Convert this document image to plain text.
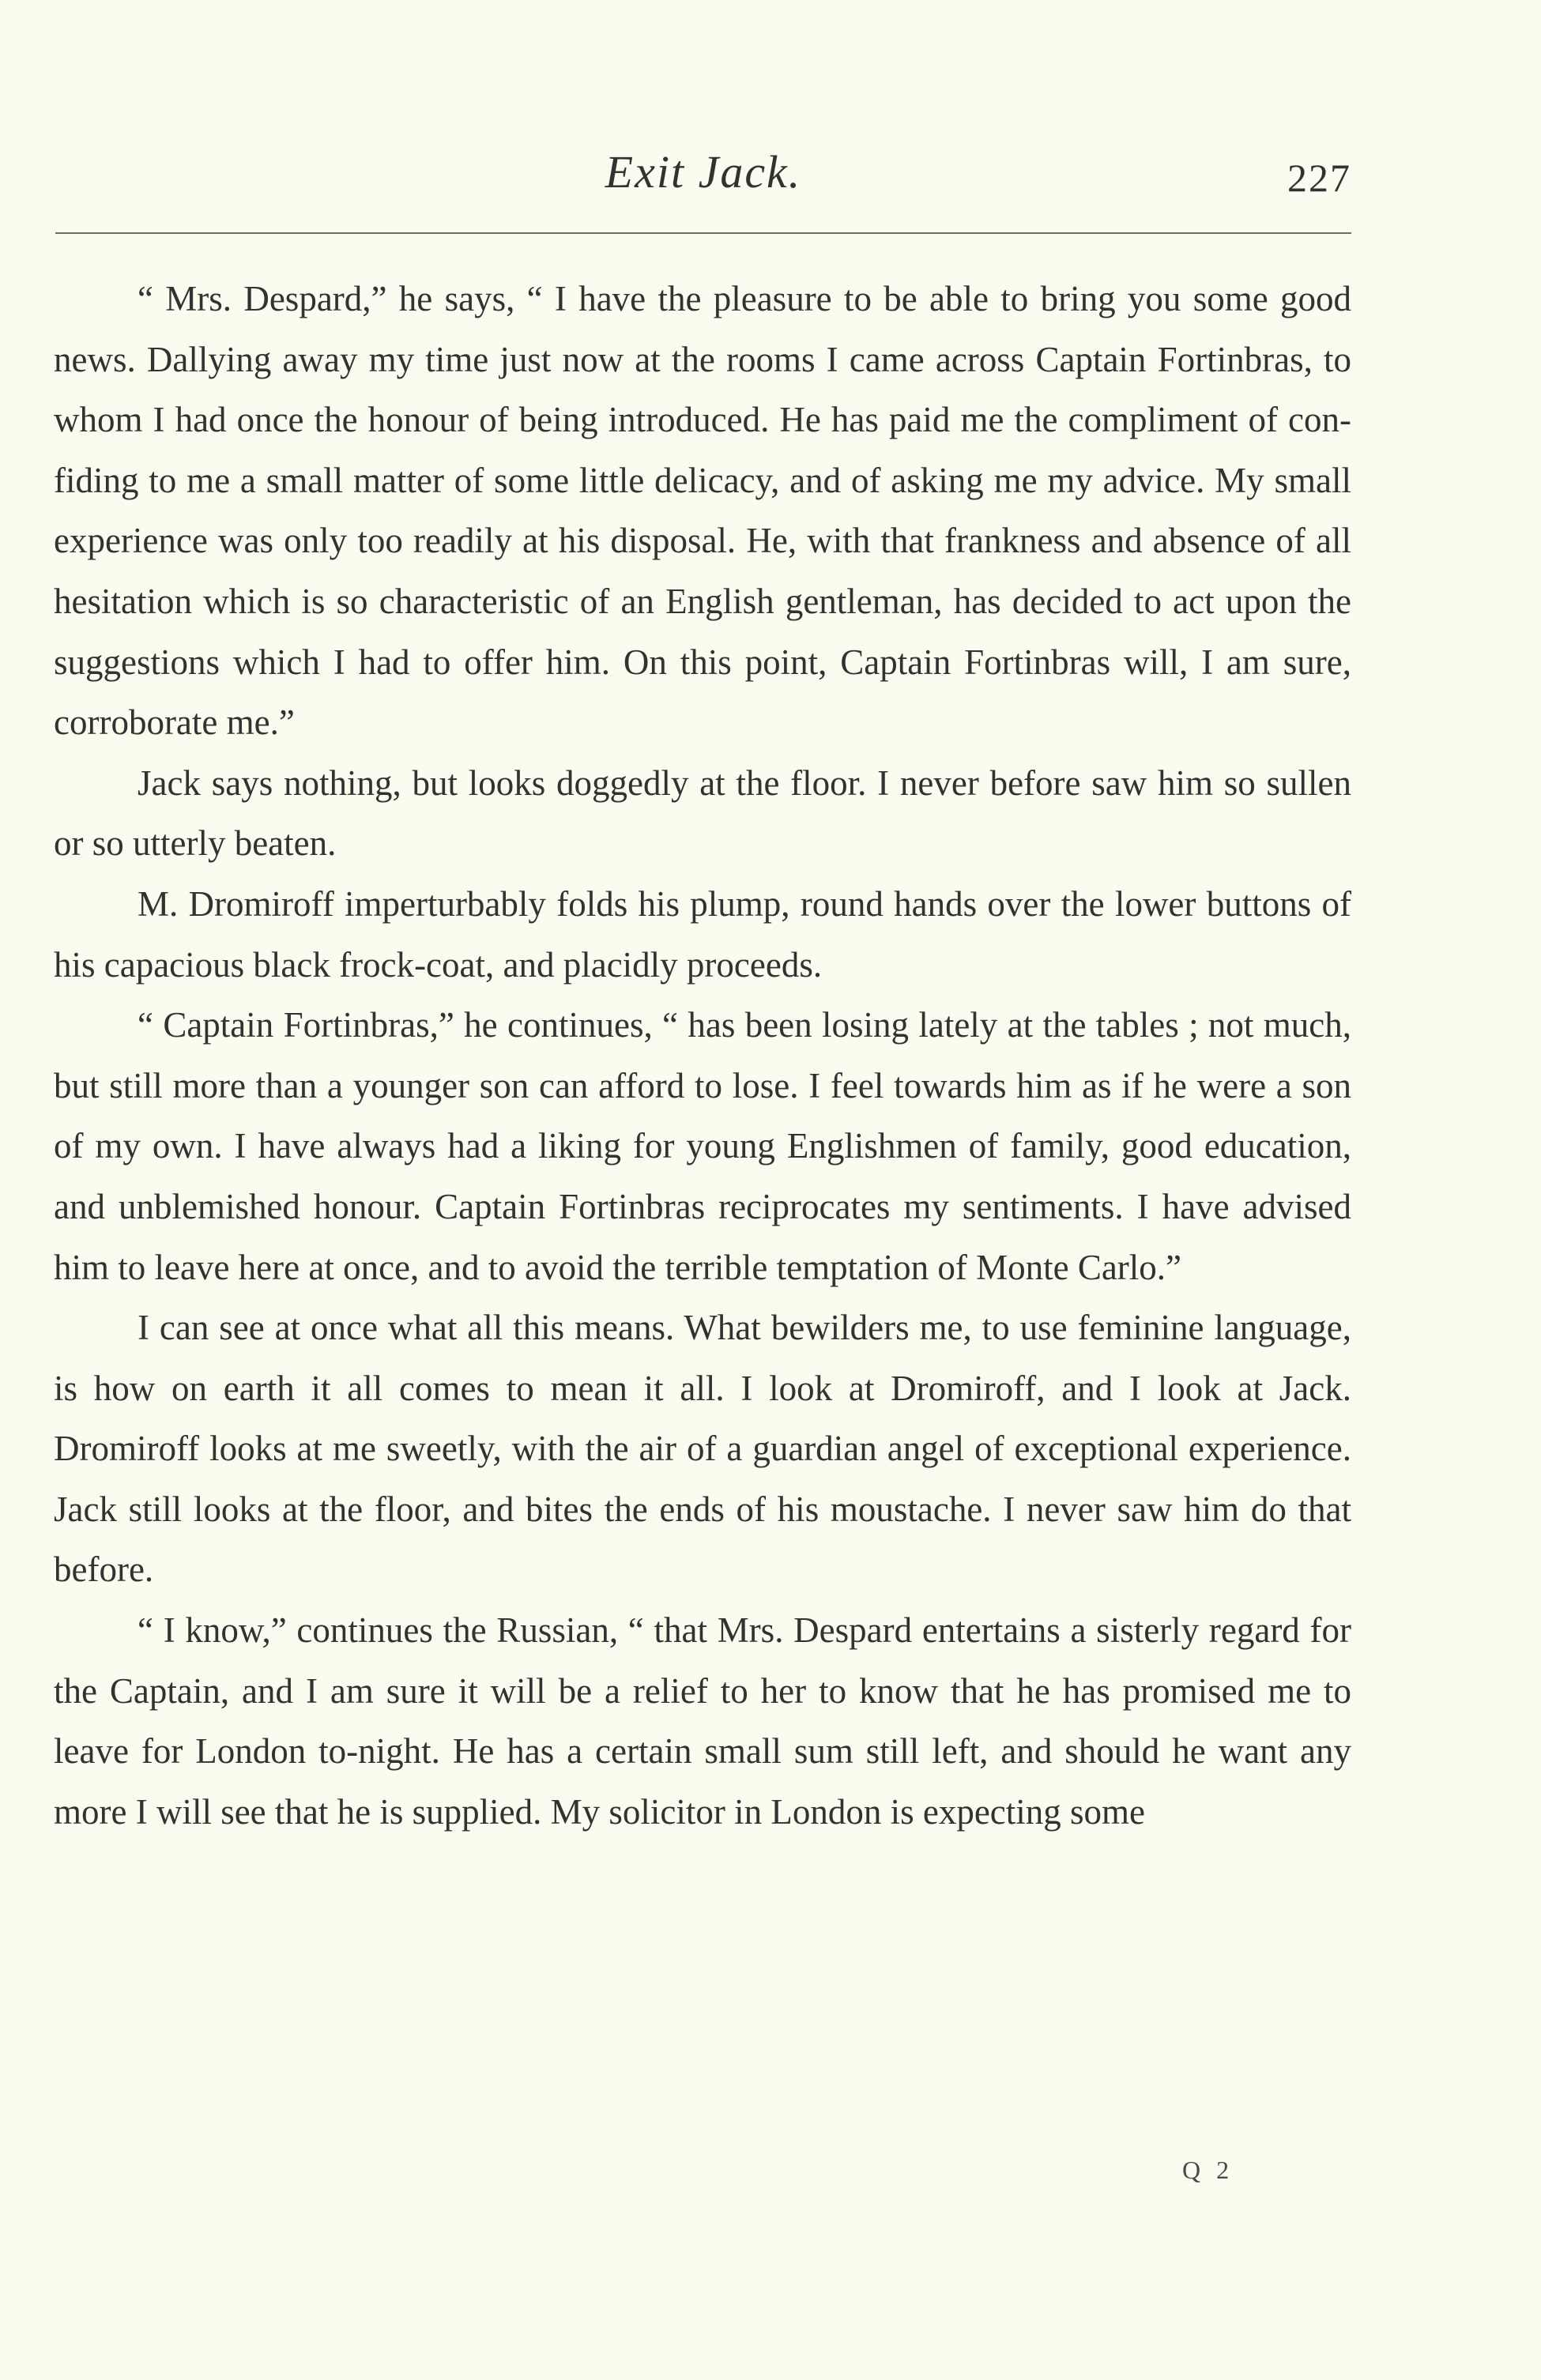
Exit Jack.	227

“ Mrs. Despard,” he says, “ I have the pleasure to be able to bring you some good news. Dallying away my time just now at the rooms I came across Captain Fortinbras, to whom I had once the honour of being introduced. He has paid me the compliment of confiding to me a small matter of some little delicacy, and of asking me my advice. My small experience was only too readily at his disposal. He, with that frankness and absence of all hesitation which is so characteristic of an English gentleman, has decided to act upon the suggestions which I had to offer him. On this point, Captain Fortinbras will, I am sure, corroborate me.”

Jack says nothing, but looks doggedly at the floor. I never before saw him so sullen or so utterly beaten.

M. Dromiroff imperturbably folds his plump, round hands over the lower buttons of his capacious black frock-coat, and placidly proceeds.

“ Captain Fortinbras,” he continues, “ has been losing lately at the tables ; not much, but still more than a younger son can afford to lose. I feel towards him as if he were a son of my own. I have always had a liking for young Englishmen of family, good education, and unblemished honour. Captain Fortinbras reciprocates my sentiments. I have advised him to leave here at once, and to avoid the terrible temptation of Monte Carlo.”

I can see at once what all this means. What bewilders me, to use feminine language, is how on earth it all comes to mean it all. I look at Dromiroff, and I look at Jack. Dromiroff looks at me sweetly, with the air of a guardian angel of exceptional experience. Jack still looks at the floor, and bites the ends of his moustache. I never saw him do that before.

“ I know,” continues the Russian, “ that Mrs. Despard entertains a sisterly regard for the Captain, and I am sure it will be a relief to her to know that he has promised me to leave for London to-night. He has a certain small sum still left, and should he want any more I will see that he is supplied. My solicitor in London is expecting some

Q 2
